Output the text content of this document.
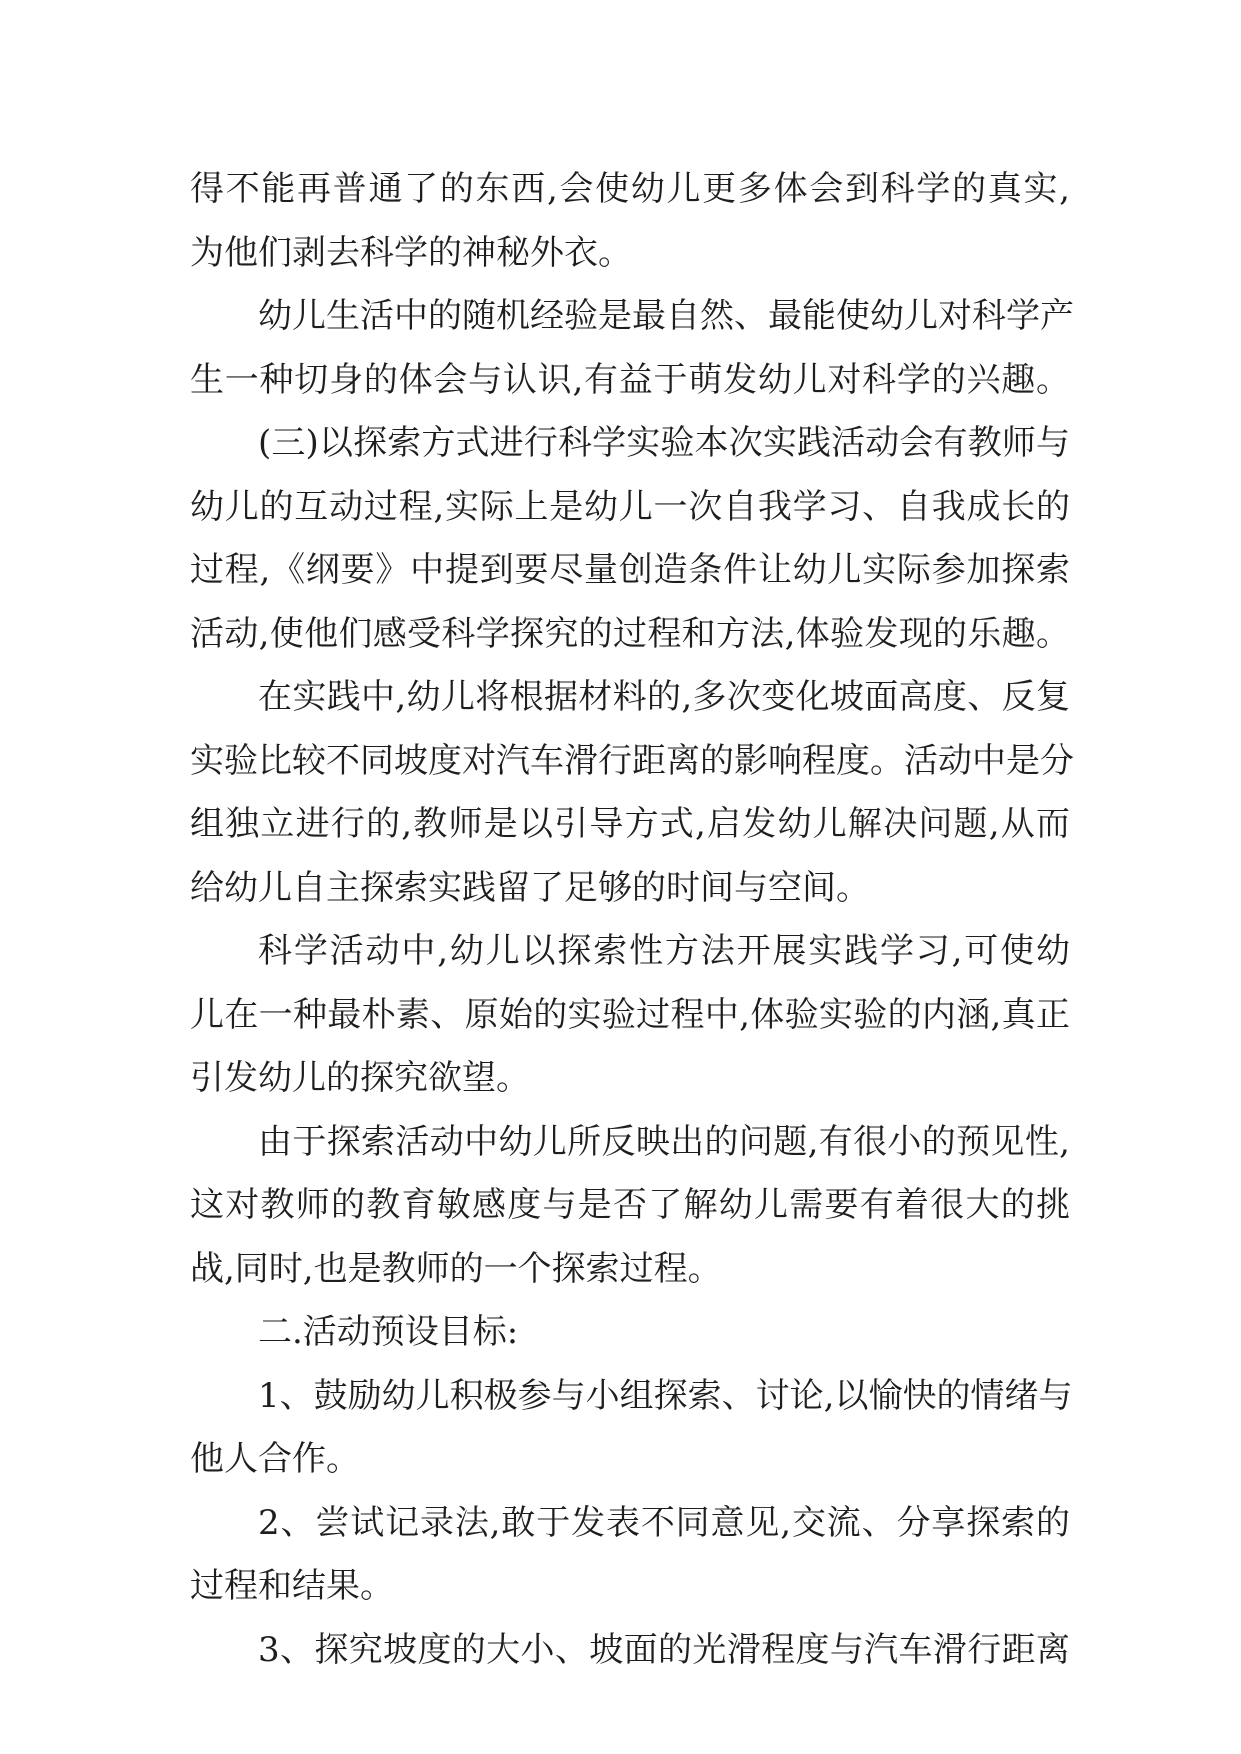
得不能再普通了的东西,会使幼儿更多体会到科学的真实,
为他们剥去科学的神秘外衣。
幼儿生活中的随机经验是最自然、最能使幼儿对科学产
生一种切身的体会与认识,有益于萌发幼儿对科学的兴趣。
(三)以探索方式进行科学实验本次实践活动会有教师与
幼儿的互动过程,实际上是幼儿一次自我学习、自我成长的
过程,《纲要》中提到要尽量创造条件让幼儿实际参加探索
活动,使他们感受科学探究的过程和方法,体验发现的乐趣。
在实践中,幼儿将根据材料的,多次变化坡面高度、反复
实验比较不同坡度对汽车滑行距离的影响程度。活动中是分
组独立进行的,教师是以引导方式,启发幼儿解决问题,从而
给幼儿自主探索实践留了足够的时间与空间。
科学活动中,幼儿以探索性方法开展实践学习,可使幼
儿在一种最朴素、原始的实验过程中,体验实验的内涵,真正
引发幼儿的探究欲望。
由于探索活动中幼儿所反映出的问题,有很小的预见性,
这对教师的教育敏感度与是否了解幼儿需要有着很大的挑
战,同时,也是教师的一个探索过程。
二.活动预设目标:
1、鼓励幼儿积极参与小组探索、讨论,以愉快的情绪与
他人合作。
2、尝试记录法,敢于发表不同意见,交流、分享探索的
过程和结果。
3、探究坡度的大小、坡面的光滑程度与汽车滑行距离
